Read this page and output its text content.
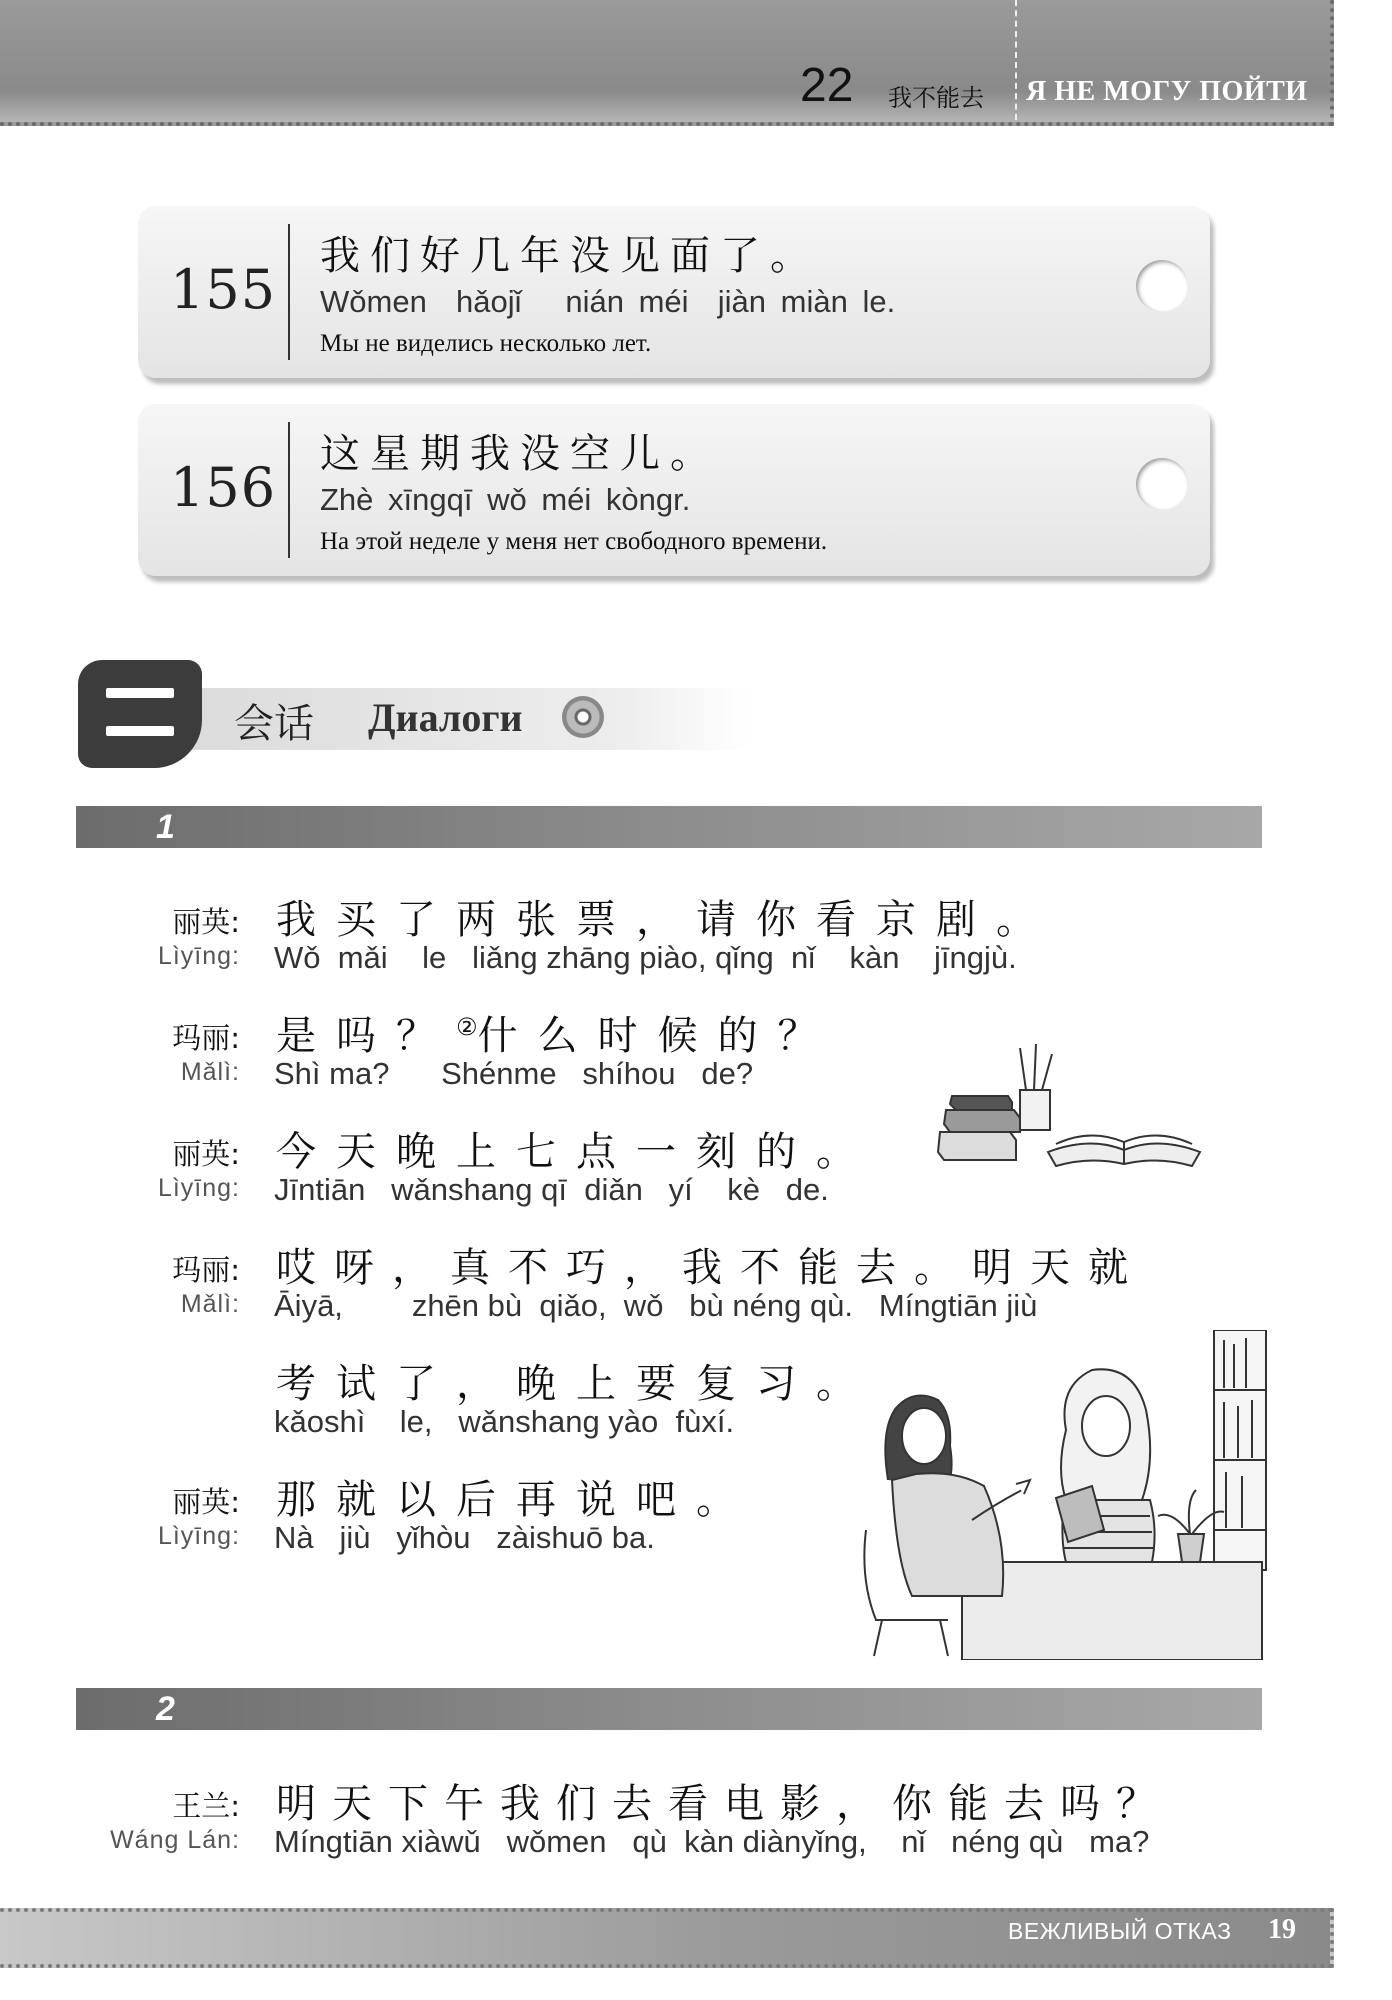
22 我不能去 Я НЕ МОГУ ПОЙТИ
155
我们好几年没见面了。
Wǒmen  hǎojǐ   nián méi  jiàn miàn le.
Мы не виделись несколько лет.
156
这星期我没空儿。
Zhè xīngqī wǒ méi kòngr.
На этой неделе у меня нет свободного времени.
会话 Диалоги
1
丽英:
Lìyīng:
我买了两张票，请你看京剧。
Wǒ  mǎi    le   liǎng zhāng piào, qǐng  nǐ    kàn    jīngjù.
玛丽:
Mǎlì:
是吗？②什么时候的？
Shì ma?      Shénme   shíhou   de?
丽英:
Lìyīng:
今天晚上七点一刻的。
Jīntiān   wǎnshang qī  diǎn   yí    kè   de.
玛丽:
Mǎlì:
哎呀，真不巧，我不能去。明天就
Āiyā,        zhēn bù  qiǎo,  wǒ   bù néng qù.   Míngtiān jiù
考试了，晚上要复习。
kǎoshì    le,   wǎnshang yào  fùxí.
丽英:
Lìyīng:
那就以后再说吧。
Nà   jiù   yǐhòu   zàishuō ba.
2
王兰:
Wáng Lán:
明天下午我们去看电影，你能去吗？
Míngtiān xiàwǔ   wǒmen   qù  kàn diànyǐng,    nǐ   néng qù   ma?
ВЕЖЛИВЫЙ ОТКАЗ 19
